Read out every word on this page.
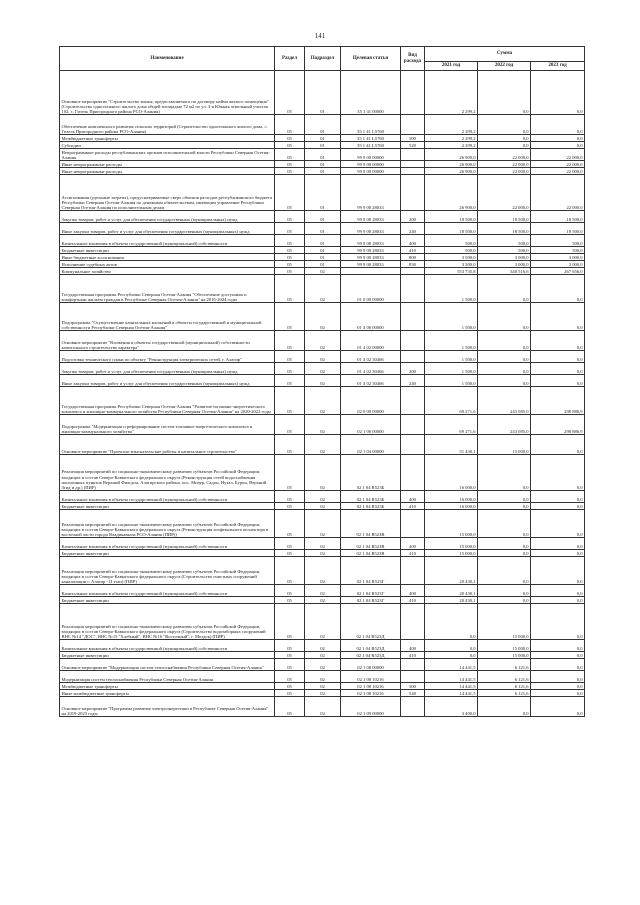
141
Наименование	Раздел	Подраздел	Целевая статья	Вид расхода	Сумма		
					2021 год	2022 год	2023 год
Основное мероприятие "Строительство жилья, предоставляемого по договору найма жилого помещения" (Строительство одноэтажного жилого дома общей площадью 72 м2 по ул. 3-я Южная земельный участок 102, с. Гизель Пригородного района РСО-Алания)	05	01	35 1 41 00000		2 299,2	0,0	0,0
Обеспечение комплексного развития сельских территорий (Строительство одноэтажного жилого дома, с. Гизель Пригородного района РСО-Алания)	05	01	35 1 41 L5760		2 299,2	0,0	0,0
Межбюджетные трансферты	05	01	35 1 41 L5760	500	2 299,2	0,0	0,0
Субсидии	05	01	35 1 41 L5760	520	2 299,2	0,0	0,0
Непрограммные расходы республиканских органов исполнительной власти Республики Северная Осетия-Алания	05	01	99 9 00 00000		26 900,0	22 000,0	22 000,0
Иные непрограммные расходы	05	01	99 9 00 00000		26 900,0	22 000,0	22 000,0
Иные непрограммные расходы	05	01	99 9 00 00000		26 900,0	22 000,0	22 000,0
Ассигнования (удельные затраты), предусматриваемые сверх объемов расходов республиканского бюджета Республики Северная Осетия-Алания по денежным обязательствам, имеющим управление Республики Северная Осетия-Алания по исполнительным делам	05	01	99 9 00 28033		26 900,0	22 000,0	22 000,0
Закупка товаров, работ и услуг для обеспечения государственных (муниципальных) нужд	05	01	99 9 00 28033	200	18 500,0	18 500,0	18 500,0
Иные закупки товаров, работ и услуг для обеспечения государственных (муниципальных) нужд	05	01	99 9 00 28033	240	18 500,0	18 500,0	18 500,0
Капитальные вложения в объекты государственной (муниципальной) собственности	05	01	99 9 00 28033	400	500,0	500,0	500,0
Бюджетные инвестиции	05	01	99 9 00 28033	410	500,0	500,0	500,0
Иные бюджетные ассигнования	05	01	99 9 00 28033	800	3 500,0	3 000,0	3 000,0
Исполнение судебных актов	05	01	99 9 00 28033	830	3 500,0	3 000,0	3 000,0
Коммунальное хозяйство	05	02			553 735,8	340 516,6	267 656,0
Государственная программа Республики Северная Осетия-Алания "Обеспечение доступным и комфортным жильем граждан в Республике Северная Осетия-Алания" на 2016-2024 годы	05	02	01 0 00 00000		1 500,0	0,0	0,0
Подпрограмма "Осуществление капитальных вложений в объекты государственной и муниципальной собственности Республики Северная Осетия-Алания"	05	02	01 4 00 00000		1 500,0	0,0	0,0
Основное мероприятие "Вложения в объекты государственной (муниципальной) собственности капитального строительства характера"	05	02	01 4 02 00000		1 500,0	0,0	0,0
Подготовка технического плана по объекту "Реконструкция электрических сетей, г. Алагир"	05	02	01 4 02 30466		1 500,0	0,0	0,0
Закупка товаров, работ и услуг для обеспечения государственных (муниципальных) нужд	05	02	01 4 02 30466	200	1 500,0	0,0	0,0
Иные закупки товаров, работ и услуг для обеспечения государственных (муниципальных) нужд	05	02	01 4 02 30466	240	1 500,0	0,0	0,0
Государственная программа Республики Северная Осетия-Алания "Развитие топливно-энергетического комплекса и жилищно-коммунального хозяйства Республики Северная Осетия-Алания" на 2020-2022 годы	05	02	02 0 00 00000		69 271,6	243 085,0	298 886,9
Подпрограмма "Модернизация и реформирование систем топливно-энергетического комплекса и жилищно-коммунального хозяйства"	05	02	02 1 00 00000		69 271,6	243 085,0	298 886,9
Основное мероприятие "Проектно-изыскательские работы и капитальное строительство"	05	02	02 1 04 00000		51 430,1	15 000,0	0,0
Реализация мероприятий по социально-экономическому развитию субъектов Российской Федерации, входящих в состав Северо-Кавказского федерального округа (Реконструкция сетей водоснабжения населенных пунктов Верхний Фиагдон, Алагирского района, пос. Мизур, Садон, Нузал, Бурон, Верхний Згид и др.) (ПИР)	05	02	02 1 04 R523Б		16 000,0	0,0	0,0
Капитальные вложения в объекты государственной (муниципальной) собственности	05	02	02 1 04 R523Б	400	16 000,0	0,0	0,0
Бюджетные инвестиции	05	02	02 1 04 R523Б	410	16 000,0	0,0	0,0
Реализация мероприятий по социально-экономическому развитию субъектов Российской Федерации, входящих в состав Северо-Кавказского федерального округа (Реконструкция хозфекального коллектора в восточной части города Владикавказа РСО-Алания (ПИР))	05	02	02 1 04 R523В		15 000,0	0,0	0,0
Капитальные вложения в объекты государственной (муниципальной) собственности	05	02	02 1 04 R523В	400	15 000,0	0,0	0,0
Бюджетные инвестиции	05	02	02 1 04 R523В	410	15 000,0	0,0	0,0
Реализация мероприятий по социально-экономическому развитию субъектов Российской Федерации, входящих в состав Северо-Кавказского федерального округа (Строительство очистных сооружений канализации г. Алагир - II этап) (ПИР)	05	02	02 1 04 R523Г		20 430,1	0,0	0,0
Капитальные вложения в объекты государственной (муниципальной) собственности	05	02	02 1 04 R523Г	400	20 430,1	0,0	0,0
Бюджетные инвестиции	05	02	02 1 04 R523Г	410	20 430,1	0,0	0,0
Реализация мероприятий по социально-экономическому развитию субъектов Российской Федерации, входящих в состав Северо-Кавказского федерального округа (Строительство водозаборных сооружений ВНС №14 "ДОС", ВНС №15 "Хлебный", ВНС №16 "Восточный", г. Моздок) (ПИР)	05	02	02 1 04 R523Д		0,0	15 000,0	0,0
Капитальные вложения в объекты государственной (муниципальной) собственности	05	02	02 1 04 R523Д	400	0,0	15 000,0	0,0
Бюджетные инвестиции	05	02	02 1 04 R523Д	410	0,0	15 000,0	0,0
Основное мероприятие "Модернизация систем теплоснабжения Республики Северная Осетия-Алания"	05	02	02 1 08 00000		14 441,5	6 121,6	0,0
Модернизация систем теплоснабжения Республики Северная Осетия-Алания	05	02	02 1 08 10216		14 441,5	6 121,6	0,0
Межбюджетные трансферты	05	02	02 1 08 10216	500	14 441,5	6 121,6	0,0
Иные межбюджетные трансферты	05	02	02 1 08 10216	540	14 441,5	6 121,6	0,0
Основное мероприятие "Программа развития электроэнергетики в Республике Северная Осетия-Алания" на 2019-2023 годы	05	02	02 1 09 00000		3 400,0	0,0	0,0
